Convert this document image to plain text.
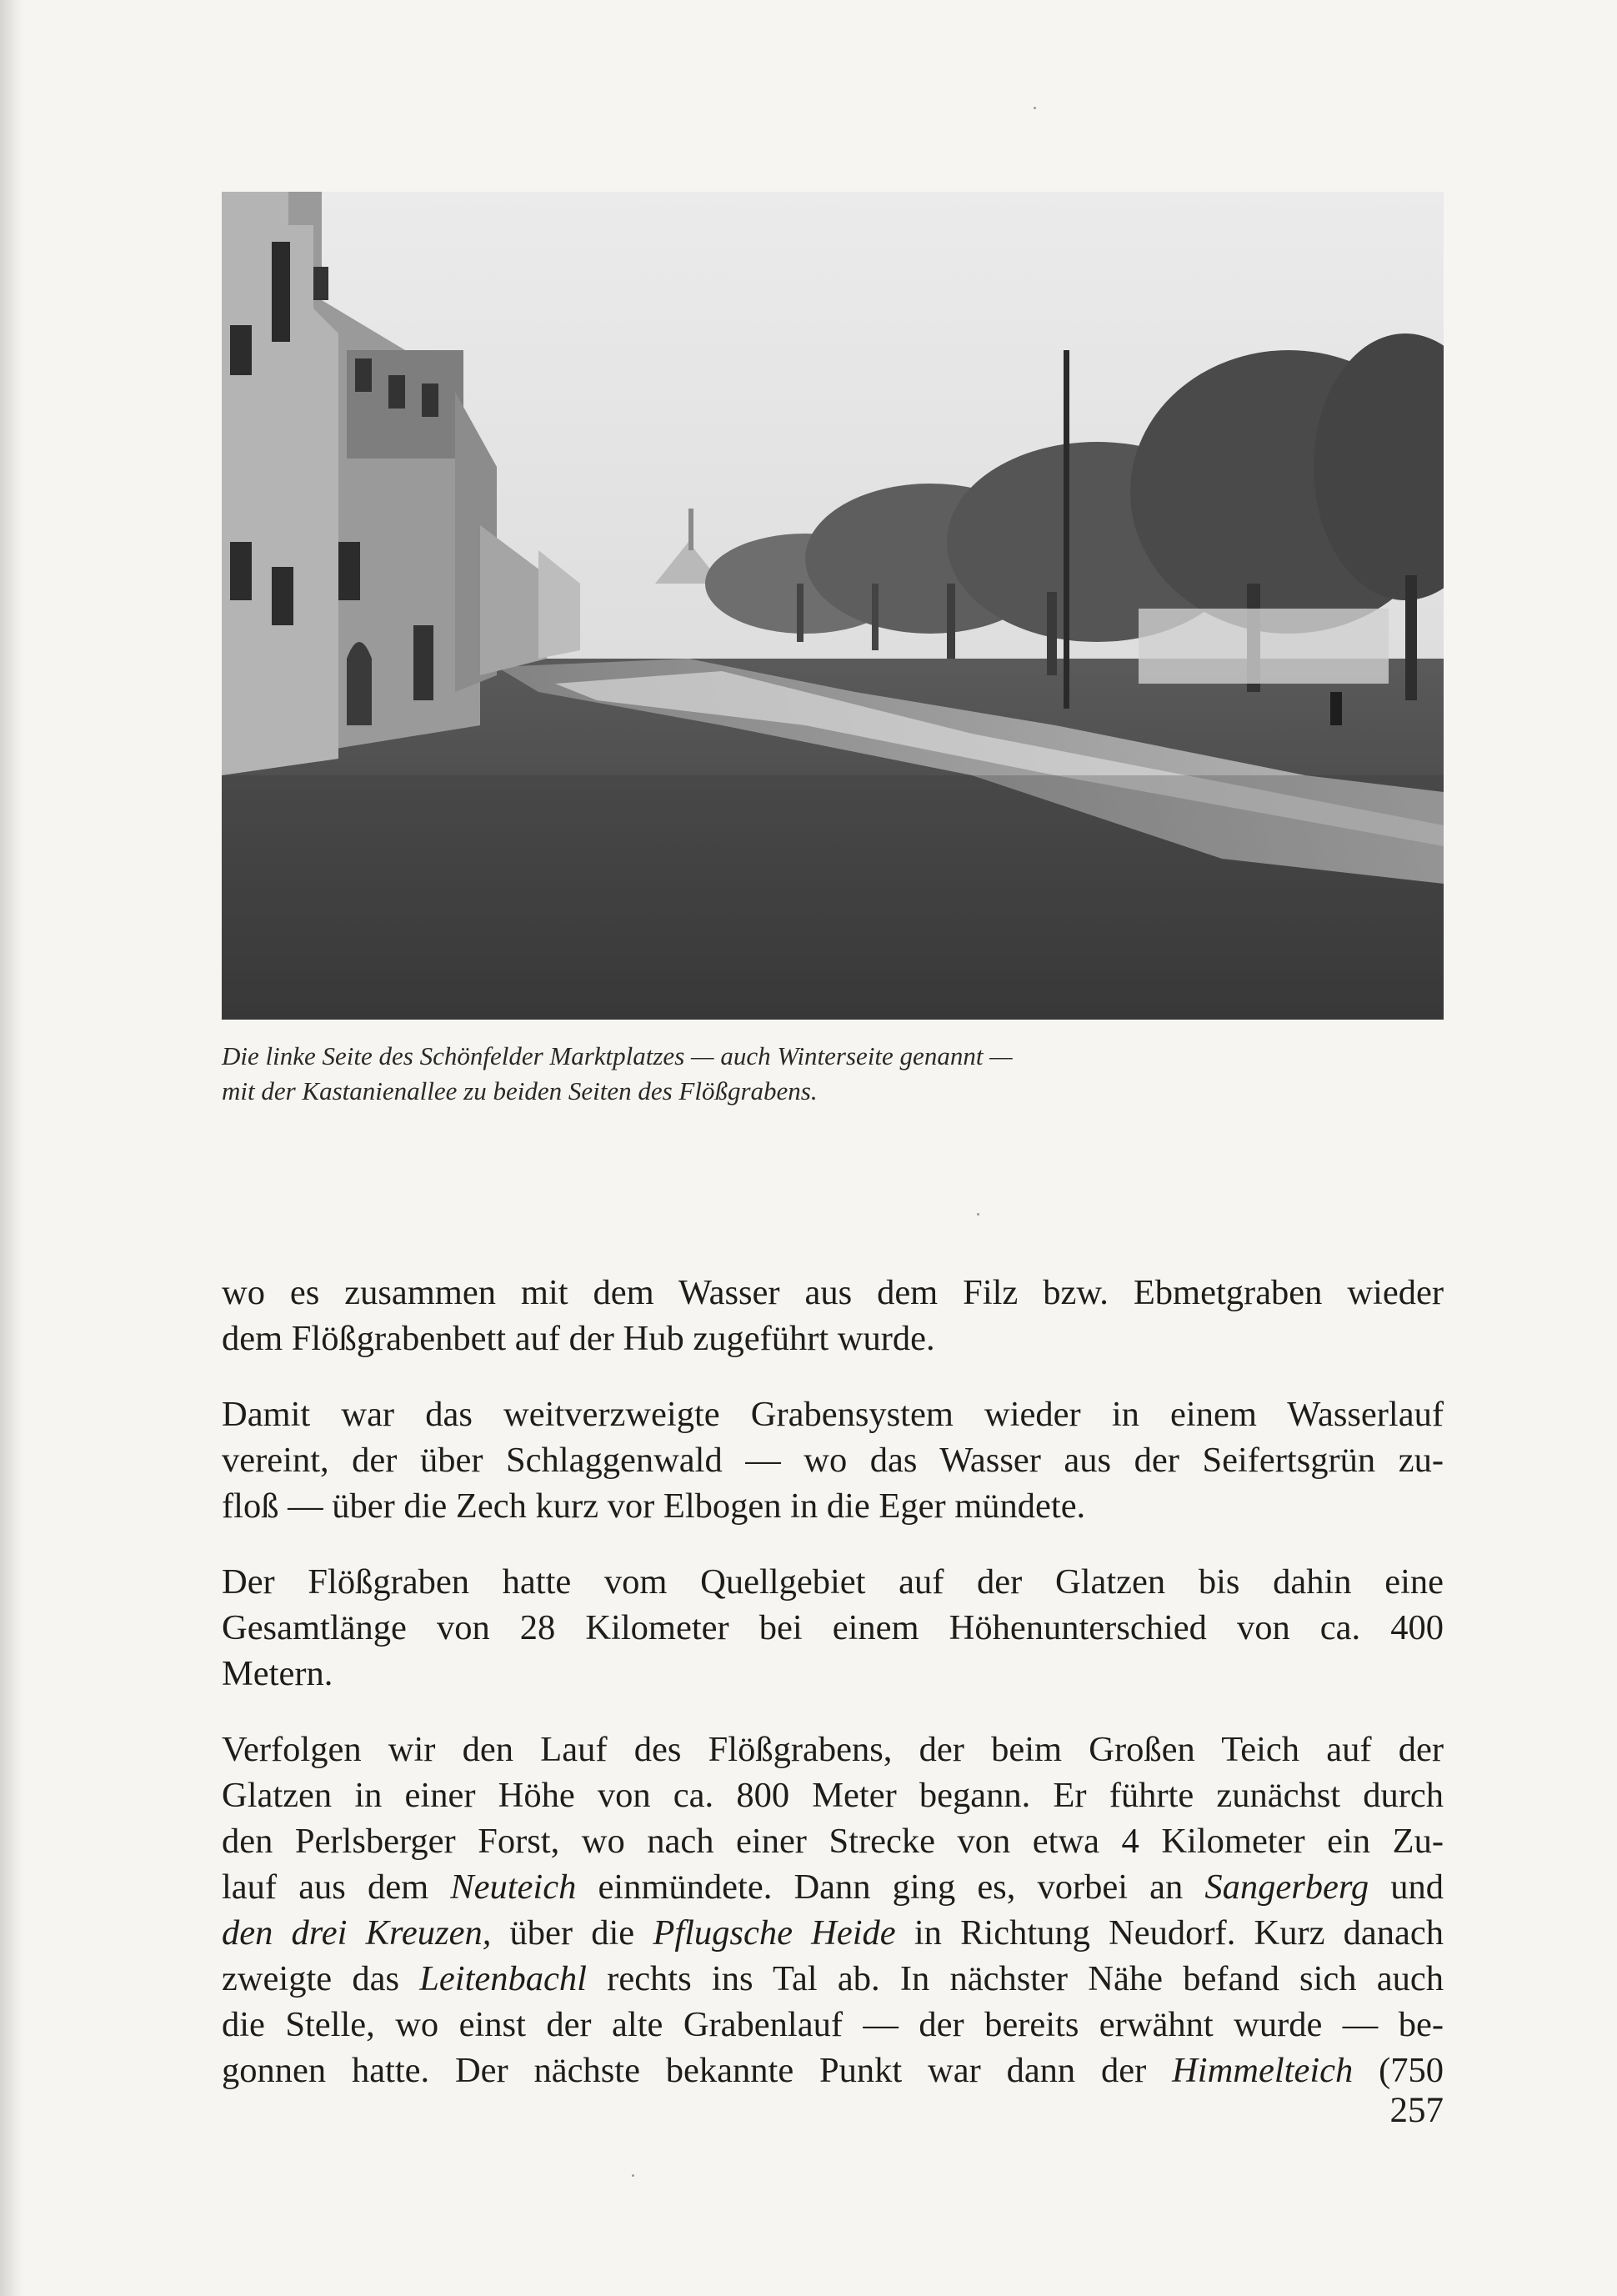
Die linke Seite des Schönfelder Marktplatzes — auch Winterseite genannt —

mit der Kastanienallee zu beiden Seiten des Flößgrabens.

wo es zusammen mit dem Wasser aus dem Filz bzw. Ebmetgraben wieder
dem Flößgrabenbett auf der Hub zugeführt wurde.
Damit war das weitverzweigte Grabensystem wieder in einem Wasserlauf
vereint, der über Schlaggenwald — wo das Wasser aus der Seifertsgrün zu-
floß — über die Zech kurz vor Elbogen in die Eger mündete.
Der Flößgraben hatte vom Quellgebiet auf der Glatzen bis dahin eine
Gesamtlänge von 28 Kilometer bei einem Höhenunterschied von ca. 400
Metern.
Verfolgen wir den Lauf des Flößgrabens, der beim Großen Teich auf der
Glatzen in einer Höhe von ca. 800 Meter begann. Er führte zunächst durch
den Perlsberger Forst, wo nach einer Strecke von etwa 4 Kilometer ein Zu-
lauf aus dem Neuteich einmündete. Dann ging es, vorbei an Sangerberg und
den drei Kreuzen, über die Pflugsche Heide in Richtung Neudorf. Kurz danach
zweigte das Leitenbachl rechts ins Tal ab. In nächster Nähe befand sich auch
die Stelle, wo einst der alte Grabenlauf — der bereits erwähnt wurde — be-
gonnen hatte. Der nächste bekannte Punkt war dann der Himmelteich (750
257
